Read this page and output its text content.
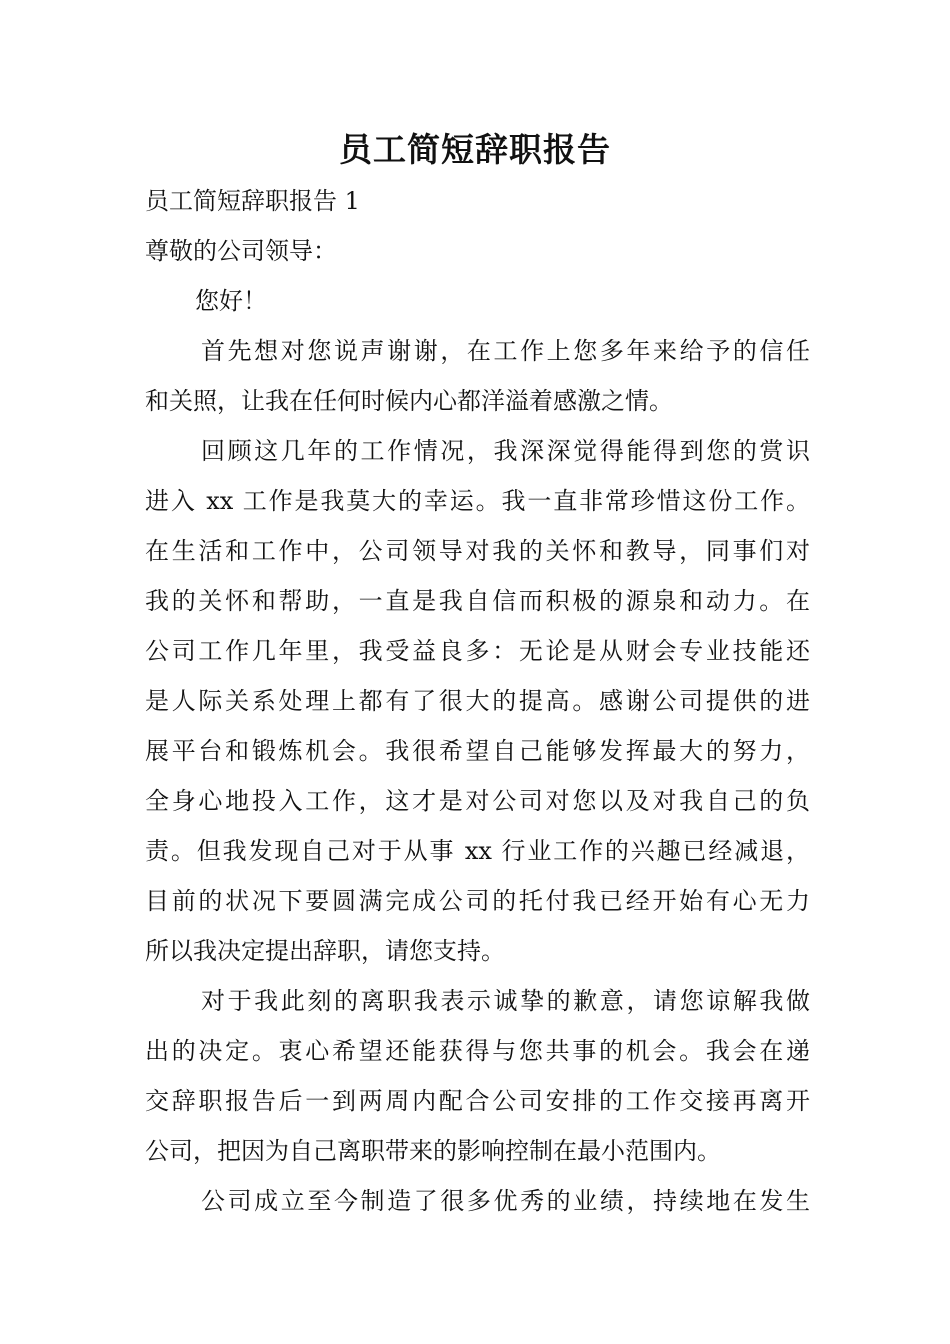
员工简短辞职报告
员工简短辞职报告 1
尊敬的公司领导：
您好！
首先想对您说声谢谢，在工作上您多年来给予的信任
和关照，让我在任何时候内心都洋溢着感激之情。
回顾这几年的工作情况，我深深觉得能得到您的赏识
进入 xx 工作是我莫大的幸运。我一直非常珍惜这份工作。
在生活和工作中，公司领导对我的关怀和教导，同事们对
我的关怀和帮助，一直是我自信而积极的源泉和动力。在
公司工作几年里，我受益良多：无论是从财会专业技能还
是人际关系处理上都有了很大的提高。感谢公司提供的进
展平台和锻炼机会。我很希望自己能够发挥最大的努力，
全身心地投入工作，这才是对公司对您以及对我自己的负
责。但我发现自己对于从事 xx 行业工作的兴趣已经减退，
目前的状况下要圆满完成公司的托付我已经开始有心无力
所以我决定提出辞职，请您支持。
对于我此刻的离职我表示诚挚的歉意，请您谅解我做
出的决定。衷心希望还能获得与您共事的机会。我会在递
交辞职报告后一到两周内配合公司安排的工作交接再离开
公司，把因为自己离职带来的影响控制在最小范围内。
公司成立至今制造了很多优秀的业绩，持续地在发生
